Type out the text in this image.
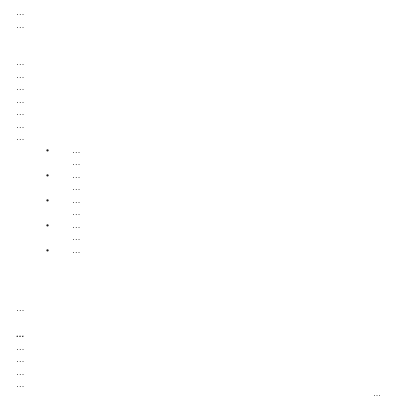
…
…
…
…
…
…
…
…
…
• …
…
• …
…
• …
…
• …
…
• …
…
…
…
…
…
…
…
